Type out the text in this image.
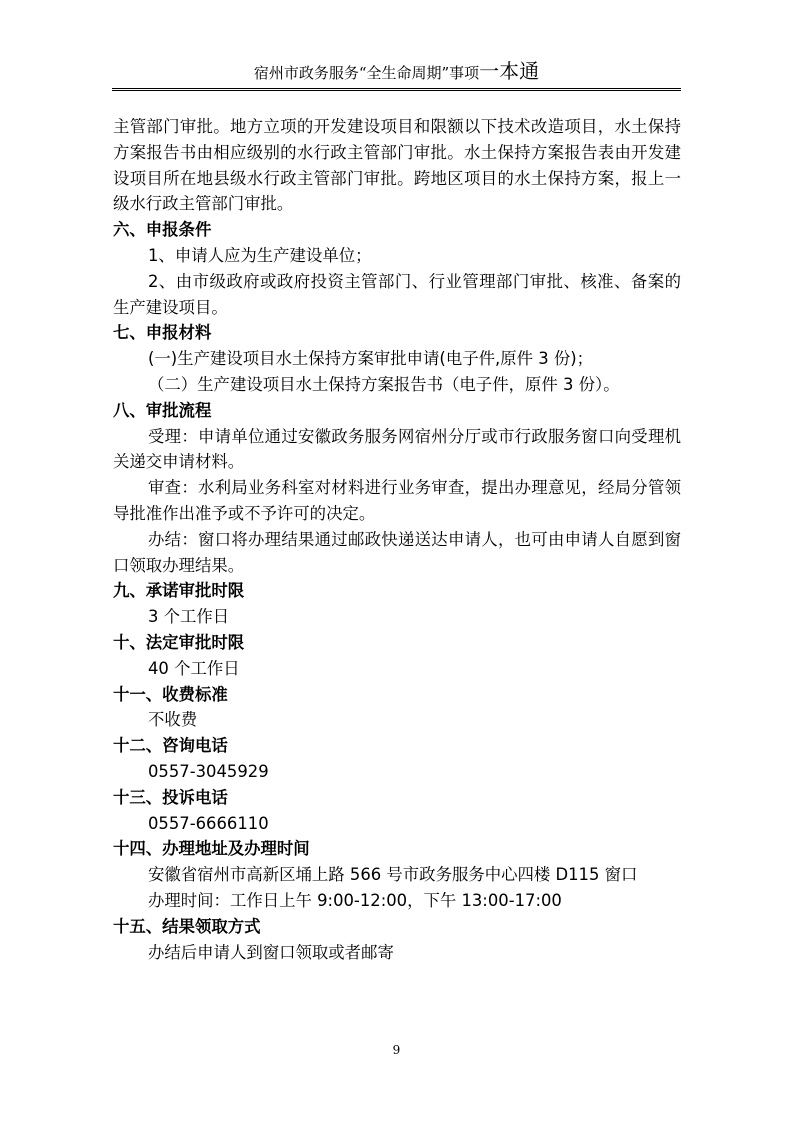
宿州市政务服务“全生命周期”事项一本通
主管部门审批。地方立项的开发建设项目和限额以下技术改造项目，水土保持方案报告书由相应级别的水行政主管部门审批。水土保持方案报告表由开发建设项目所在地县级水行政主管部门审批。跨地区项目的水土保持方案，报上一级水行政主管部门审批。
六、申报条件
1、申请人应为生产建设单位；
2、由市级政府或政府投资主管部门、行业管理部门审批、核准、备案的生产建设项目。
七、申报材料
(一)生产建设项目水土保持方案审批申请(电子件,原件 3 份)；
（二）生产建设项目水土保持方案报告书（电子件，原件 3 份）。
八、审批流程
受理：申请单位通过安徽政务服务网宿州分厅或市行政服务窗口向受理机关递交申请材料。
审查：水利局业务科室对材料进行业务审查，提出办理意见，经局分管领导批准作出准予或不予许可的决定。
办结：窗口将办理结果通过邮政快递送达申请人，也可由申请人自愿到窗口领取办理结果。
九、承诺审批时限
3 个工作日
十、法定审批时限
40 个工作日
十一、收费标准
不收费
十二、咨询电话
0557-3045929
十三、投诉电话
0557-6666110
十四、办理地址及办理时间
安徽省宿州市高新区埇上路 566 号市政务服务中心四楼 D115 窗口
办理时间：工作日上午 9:00-12:00，下午 13:00-17:00
十五、结果领取方式
办结后申请人到窗口领取或者邮寄
9
